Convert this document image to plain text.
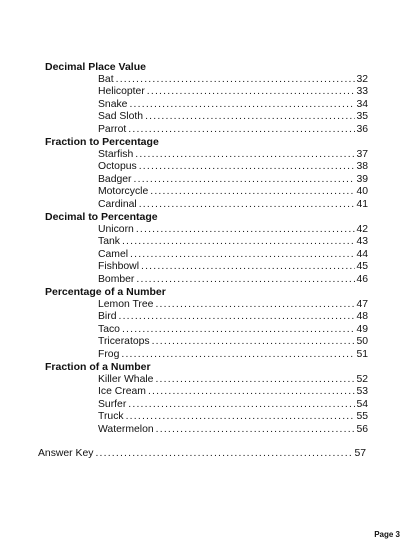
Decimal Place Value
Bat .....	32
Helicopter .....	33
Snake .....	34
Sad Sloth .....	35
Parrot .....	36
Fraction to Percentage
Starfish .....	37
Octopus .....	38
Badger .....	39
Motorcycle .....	40
Cardinal .....	41
Decimal to Percentage
Unicorn .....	42
Tank .....	43
Camel .....	44
Fishbowl .....	45
Bomber .....	46
Percentage of a Number
Lemon Tree .....	47
Bird .....	48
Taco .....	49
Triceratops .....	50
Frog .....	51
Fraction of a Number
Killer Whale .....	52
Ice Cream .....	53
Surfer .....	54
Truck .....	55
Watermelon .....	56
Answer Key .....	57
Page 3
